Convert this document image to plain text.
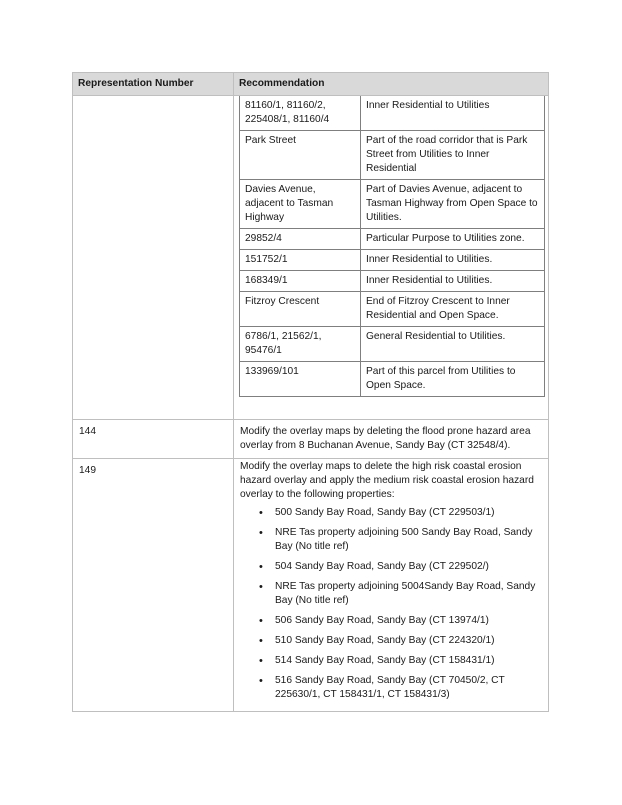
Representation Number	Recommendation

81160/1, 81160/2, 225408/1, 81160/4	Inner Residential to Utilities
Park Street	Part of the road corridor that is Park Street from Utilities to Inner Residential
Davies Avenue, adjacent to Tasman Highway	Part of Davies Avenue, adjacent to Tasman Highway from Open Space to Utilities.
29852/4	Particular Purpose to Utilities zone.
151752/1	Inner Residential to Utilities.
168349/1	Inner Residential to Utilities.
Fitzroy Crescent	End of Fitzroy Crescent to Inner Residential and Open Space.
6786/1, 21562/1, 95476/1	General Residential to Utilities.
133969/101	Part of this parcel from Utilities to Open Space.

144	Modify the overlay maps by deleting the flood prone hazard area overlay from 8 Buchanan Avenue, Sandy Bay (CT 32548/4).
149	Modify the overlay maps to delete the high risk coastal erosion hazard overlay and apply the medium risk coastal erosion hazard overlay to the following properties:
• 500 Sandy Bay Road, Sandy Bay (CT 229503/1)
• NRE Tas property adjoining 500 Sandy Bay Road, Sandy Bay (No title ref)
• 504 Sandy Bay Road, Sandy Bay (CT 229502/)
• NRE Tas property adjoining 5004Sandy Bay Road, Sandy Bay (No title ref)
• 506 Sandy Bay Road, Sandy Bay (CT 13974/1)
• 510 Sandy Bay Road, Sandy Bay (CT 224320/1)
• 514 Sandy Bay Road, Sandy Bay (CT 158431/1)
• 516 Sandy Bay Road, Sandy Bay (CT 70450/2, CT 225630/1, CT 158431/1, CT 158431/3)
